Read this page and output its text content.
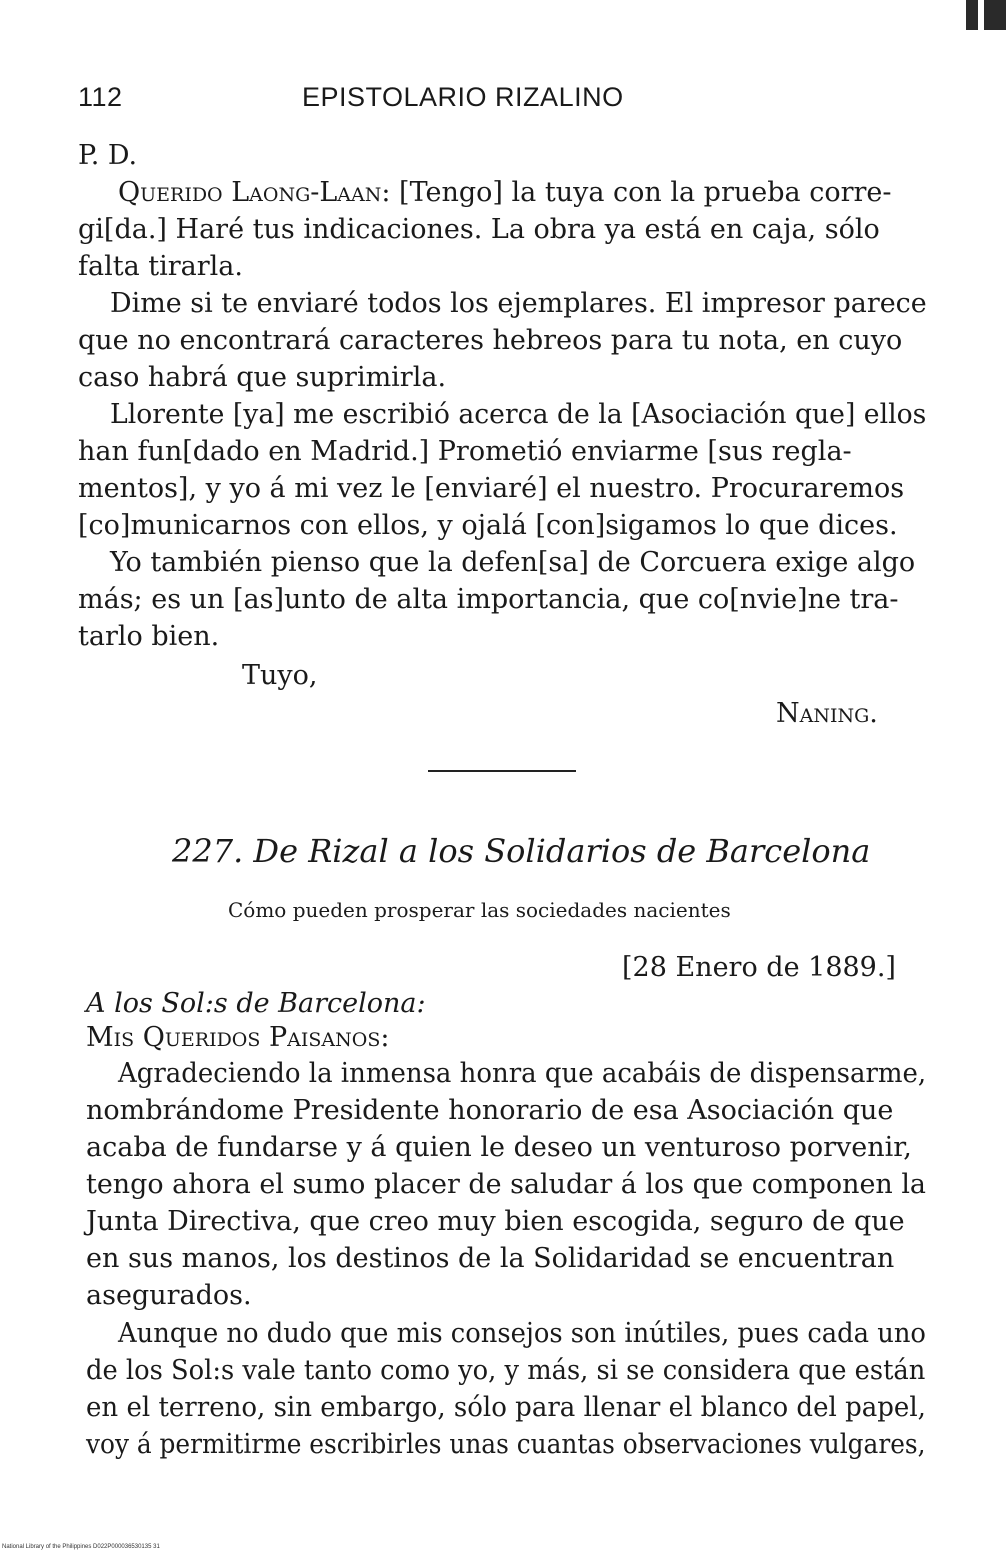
112	EPISTOLARIO RIZALINO
P. D.
Querido Laong-Laan: [Tengo] la tuya con la prueba corre-
gi[da.] Haré tus indicaciones. La obra ya está en caja, sólo
falta tirarla.
Dime si te enviaré todos los ejemplares. El impresor parece
que no encontrará caracteres hebreos para tu nota, en cuyo
caso habrá que suprimirla.
Llorente [ya] me escribió acerca de la [Asociación que] ellos
han fun[dado en Madrid.] Prometió enviarme [sus regla-
mentos], y yo á mi vez le [enviaré] el nuestro. Procuraremos
[co]municarnos con ellos, y ojalá [con]sigamos lo que dices.
Yo también pienso que la defen[sa] de Corcuera exige algo
más; es un [as]unto de alta importancia, que co[nvie]ne tra-
tarlo bien.
Tuyo,
Naning.
227. De Rizal a los Solidarios de Barcelona
Cómo pueden prosperar las sociedades nacientes
[28 Enero de 1889.]
A los Sol:s de Barcelona:
Mis Queridos Paisanos:
Agradeciendo la inmensa honra que acabáis de dispensarme,
nombrándome Presidente honorario de esa Asociación que
acaba de fundarse y á quien le deseo un venturoso porvenir,
tengo ahora el sumo placer de saludar á los que componen la
Junta Directiva, que creo muy bien escogida, seguro de que
en sus manos, los destinos de la Solidaridad se encuentran
asegurados.
Aunque no dudo que mis consejos son inútiles, pues cada uno
de los Sol:s vale tanto como yo, y más, si se considera que están
en el terreno, sin embargo, sólo para llenar el blanco del papel,
voy á permitirme escribirles unas cuantas observaciones vulgares,
National Library of the Philippines D022P000036530135 31
